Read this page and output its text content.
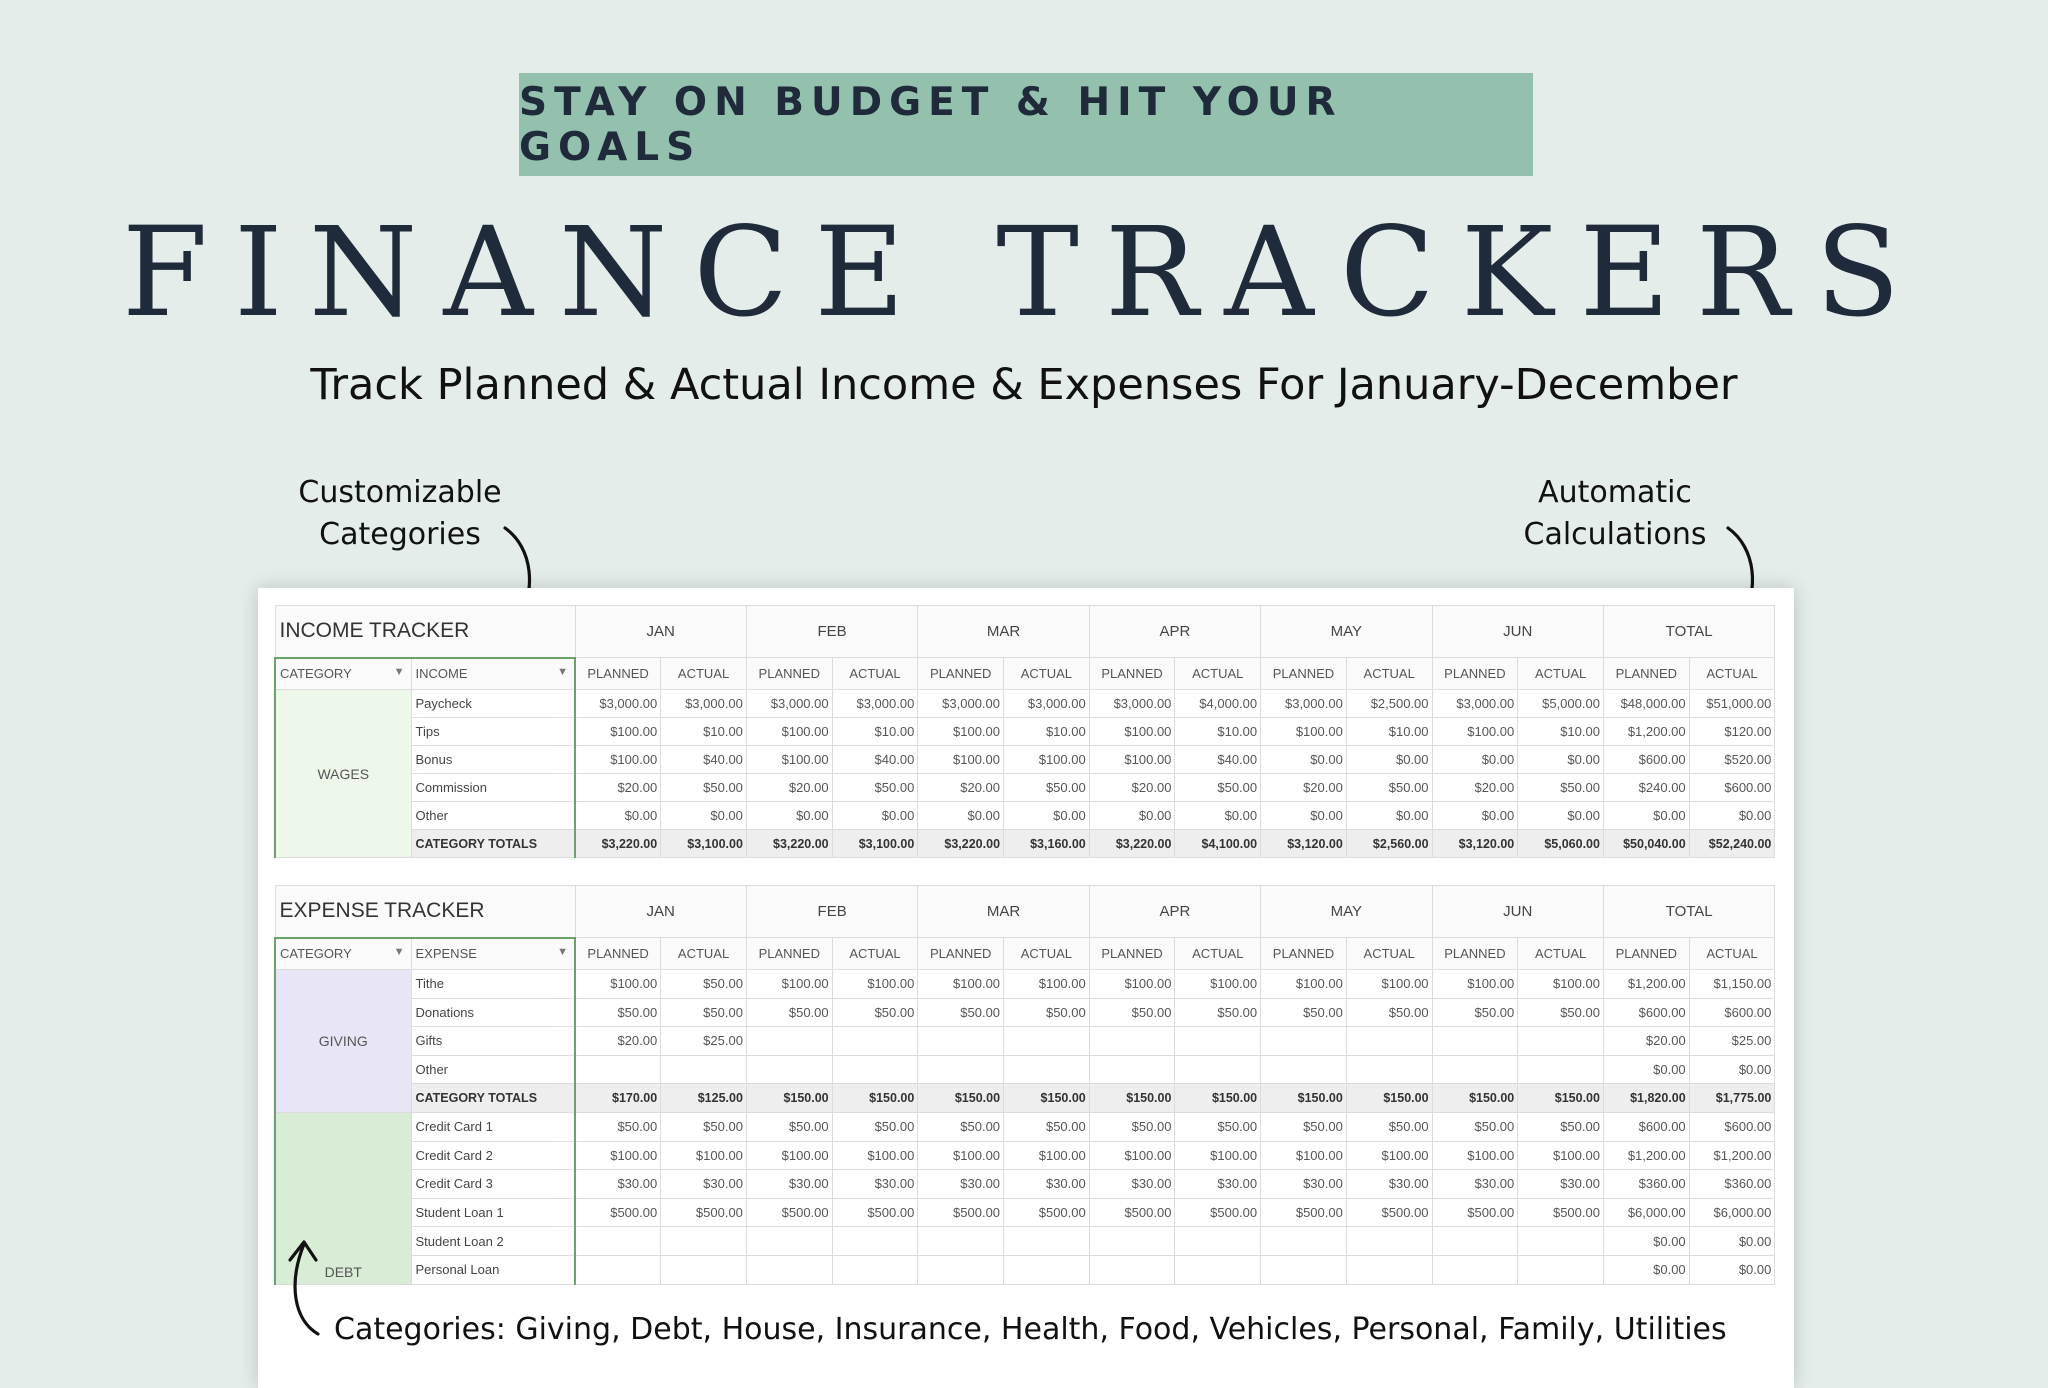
STAY ON BUDGET & HIT YOUR GOALS
FINANCE TRACKERS
Track Planned & Actual Income & Expenses For January-December
Customizable
Categories
Automatic
Calculations
INCOME TRACKER		JAN		FEB		MAR		APR		MAY		JUN		TOTAL	
CATEGORY ▼	INCOME ▼	PLANNED	ACTUAL	PLANNED	ACTUAL	PLANNED	ACTUAL	PLANNED	ACTUAL	PLANNED	ACTUAL	PLANNED	ACTUAL	PLANNED	ACTUAL
WAGES	Paycheck	$3,000.00	$3,000.00	$3,000.00	$3,000.00	$3,000.00	$3,000.00	$3,000.00	$4,000.00	$3,000.00	$2,500.00	$3,000.00	$5,000.00	$48,000.00	$51,000.00
	Tips	$100.00	$10.00	$100.00	$10.00	$100.00	$10.00	$100.00	$10.00	$100.00	$10.00	$100.00	$10.00	$1,200.00	$120.00
	Bonus	$100.00	$40.00	$100.00	$40.00	$100.00	$100.00	$100.00	$40.00	$0.00	$0.00	$0.00	$0.00	$600.00	$520.00
	Commission	$20.00	$50.00	$20.00	$50.00	$20.00	$50.00	$20.00	$50.00	$20.00	$50.00	$20.00	$50.00	$240.00	$600.00
	Other	$0.00	$0.00	$0.00	$0.00	$0.00	$0.00	$0.00	$0.00	$0.00	$0.00	$0.00	$0.00	$0.00	$0.00
	CATEGORY TOTALS	$3,220.00	$3,100.00	$3,220.00	$3,100.00	$3,220.00	$3,160.00	$3,220.00	$4,100.00	$3,120.00	$2,560.00	$3,120.00	$5,060.00	$50,040.00	$52,240.00
EXPENSE TRACKER		JAN		FEB		MAR		APR		MAY		JUN		TOTAL	
CATEGORY ▼	EXPENSE ▼	PLANNED	ACTUAL	PLANNED	ACTUAL	PLANNED	ACTUAL	PLANNED	ACTUAL	PLANNED	ACTUAL	PLANNED	ACTUAL	PLANNED	ACTUAL
GIVING	Tithe	$100.00	$50.00	$100.00	$100.00	$100.00	$100.00	$100.00	$100.00	$100.00	$100.00	$100.00	$100.00	$1,200.00	$1,150.00
	Donations	$50.00	$50.00	$50.00	$50.00	$50.00	$50.00	$50.00	$50.00	$50.00	$50.00	$50.00	$50.00	$600.00	$600.00
	Gifts	$20.00	$25.00											$20.00	$25.00
	Other													$0.00	$0.00
	CATEGORY TOTALS	$170.00	$125.00	$150.00	$150.00	$150.00	$150.00	$150.00	$150.00	$150.00	$150.00	$150.00	$150.00	$1,820.00	$1,775.00
DEBT	Credit Card 1	$50.00	$50.00	$50.00	$50.00	$50.00	$50.00	$50.00	$50.00	$50.00	$50.00	$50.00	$50.00	$600.00	$600.00
	Credit Card 2	$100.00	$100.00	$100.00	$100.00	$100.00	$100.00	$100.00	$100.00	$100.00	$100.00	$100.00	$100.00	$1,200.00	$1,200.00
	Credit Card 3	$30.00	$30.00	$30.00	$30.00	$30.00	$30.00	$30.00	$30.00	$30.00	$30.00	$30.00	$30.00	$360.00	$360.00
	Student Loan 1	$500.00	$500.00	$500.00	$500.00	$500.00	$500.00	$500.00	$500.00	$500.00	$500.00	$500.00	$500.00	$6,000.00	$6,000.00
	Student Loan 2													$0.00	$0.00
	Personal Loan													$0.00	$0.00
Categories: Giving, Debt, House, Insurance, Health, Food, Vehicles, Personal, Family, Utilities
